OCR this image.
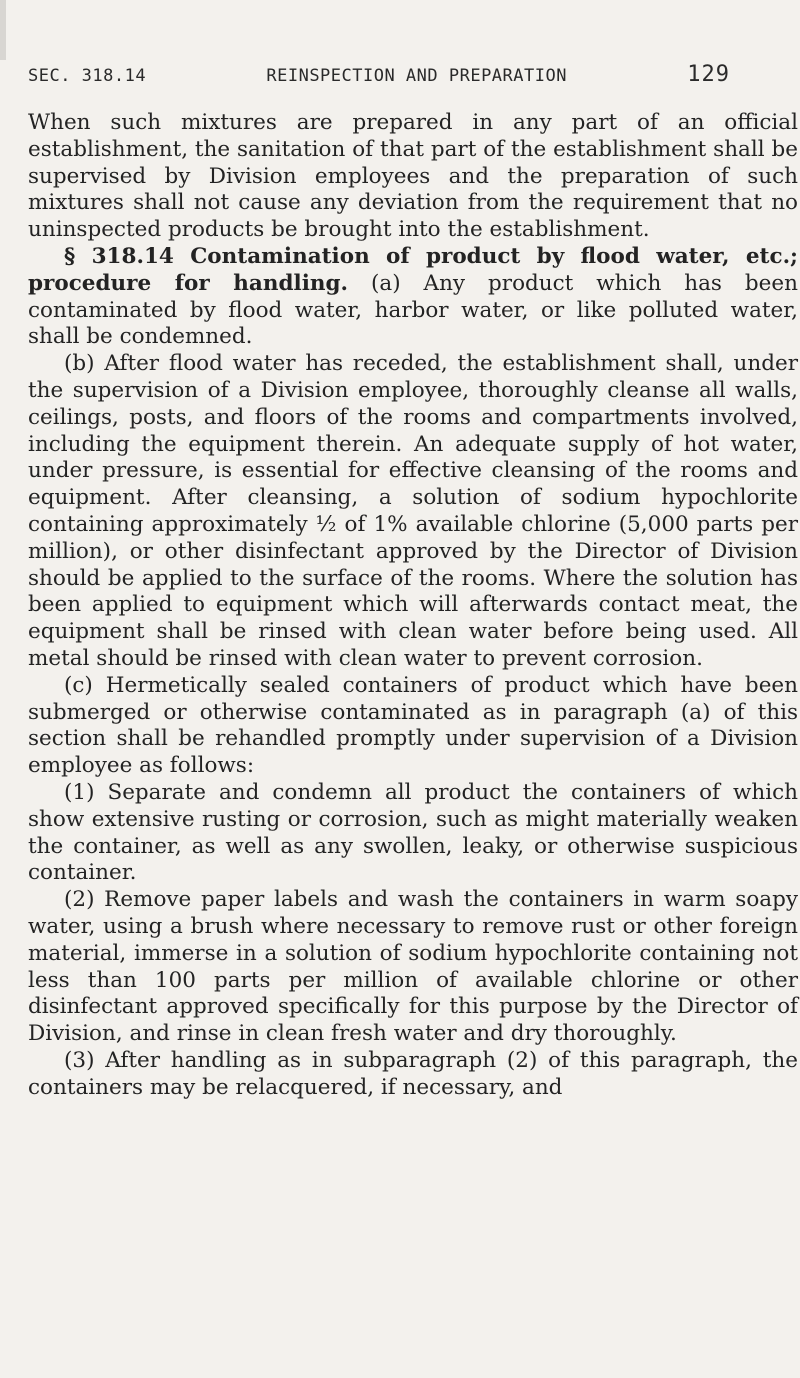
SEC. 318.14	REINSPECTION AND PREPARATION	129

When such mixtures are prepared in any part of an official establishment, the sanitation of that part of the establishment shall be supervised by Division employees and the preparation of such mixtures shall not cause any deviation from the requirement that no uninspected products be brought into the establishment.

§ 318.14 Contamination of product by flood water, etc.; procedure for handling. (a) Any product which has been contaminated by flood water, harbor water, or like polluted water, shall be condemned.

(b) After flood water has receded, the establishment shall, under the supervision of a Division employee, thoroughly cleanse all walls, ceilings, posts, and floors of the rooms and compartments involved, including the equipment therein. An adequate supply of hot water, under pressure, is essential for effective cleansing of the rooms and equipment. After cleansing, a solution of sodium hypochlorite containing approximately ½ of 1% available chlorine (5,000 parts per million), or other disinfectant approved by the Director of Division should be applied to the surface of the rooms. Where the solution has been applied to equipment which will afterwards contact meat, the equipment shall be rinsed with clean water before being used. All metal should be rinsed with clean water to prevent corrosion.

(c) Hermetically sealed containers of product which have been submerged or otherwise contaminated as in paragraph (a) of this section shall be rehandled promptly under supervision of a Division employee as follows:

(1) Separate and condemn all product the containers of which show extensive rusting or corrosion, such as might materially weaken the container, as well as any swollen, leaky, or otherwise suspicious container.

(2) Remove paper labels and wash the containers in warm soapy water, using a brush where necessary to remove rust or other foreign material, immerse in a solution of sodium hypochlorite containing not less than 100 parts per million of available chlorine or other disinfectant approved specifically for this purpose by the Director of Division, and rinse in clean fresh water and dry thoroughly.

(3) After handling as in subparagraph (2) of this paragraph, the containers may be relacquered, if necessary, and
